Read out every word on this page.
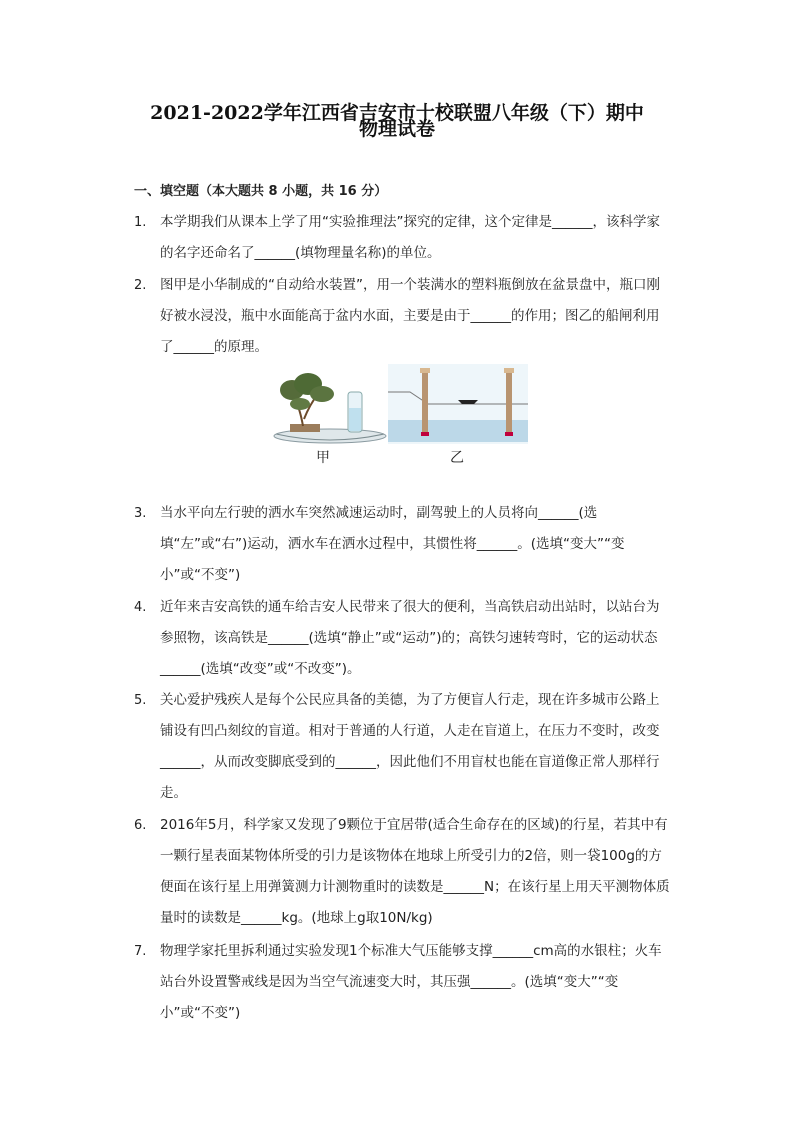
2021-2022学年江西省吉安市十校联盟八年级（下）期中
物理试卷
一、填空题（本大题共 8 小题，共 16 分）
1. 本学期我们从课本上学了用“实验推理法”探究的定律，这个定律是______，该科学家的名字还命名了______(填物理量名称)的单位。
2. 图甲是小华制成的“自动给水装置”，用一个装满水的塑料瓶倒放在盆景盘中，瓶口刚好被水浸没，瓶中水面能高于盆内水面，主要是由于______的作用；图乙的船闸利用了______的原理。
甲	乙
3. 当水平向左行驶的洒水车突然减速运动时，副驾驶上的人员将向______(选填“左”或“右”)运动，洒水车在洒水过程中，其惯性将______。(选填“变大”“变小”或“不变”)
4. 近年来吉安高铁的通车给吉安人民带来了很大的便利，当高铁启动出站时，以站台为参照物，该高铁是______(选填“静止”或“运动”)的；高铁匀速转弯时，它的运动状态______(选填“改变”或“不改变”)。
5. 关心爱护残疾人是每个公民应具备的美德，为了方便盲人行走，现在许多城市公路上铺设有凹凸刻纹的盲道。相对于普通的人行道，人走在盲道上，在压力不变时，改变______，从而改变脚底受到的______，因此他们不用盲杖也能在盲道像正常人那样行走。
6. 2016年5月，科学家又发现了9颗位于宜居带(适合生命存在的区域)的行星，若其中有一颗行星表面某物体所受的引力是该物体在地球上所受引力的2倍，则一袋100g的方便面在该行星上用弹簧测力计测物重时的读数是______N；在该行星上用天平测物体质量时的读数是______kg。(地球上g取10N/kg)
7. 物理学家托里拆利通过实验发现1个标准大气压能够支撑______cm高的水银柱；火车站台外设置警戒线是因为当空气流速变大时，其压强______。(选填“变大”“变小”或“不变”)
